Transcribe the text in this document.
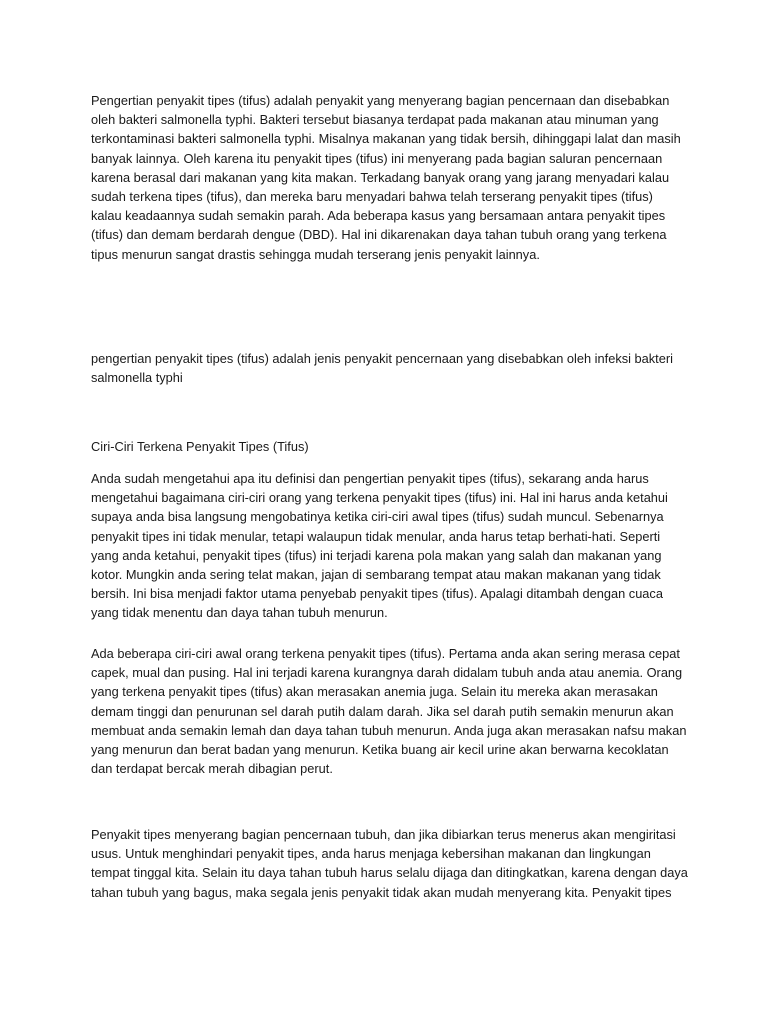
Pengertian penyakit tipes (tifus) adalah penyakit yang menyerang bagian pencernaan dan disebabkan
oleh bakteri salmonella typhi. Bakteri tersebut biasanya terdapat pada makanan atau minuman yang
terkontaminasi bakteri salmonella typhi. Misalnya makanan yang tidak bersih, dihinggapi lalat dan masih
banyak lainnya. Oleh karena itu penyakit tipes (tifus) ini menyerang pada bagian saluran pencernaan
karena berasal dari makanan yang kita makan. Terkadang banyak orang yang jarang menyadari kalau
sudah terkena tipes (tifus), dan mereka baru menyadari bahwa telah terserang penyakit tipes (tifus)
kalau keadaannya sudah semakin parah. Ada beberapa kasus yang bersamaan antara penyakit tipes
(tifus) dan demam berdarah dengue (DBD). Hal ini dikarenakan daya tahan tubuh orang yang terkena
tipus menurun sangat drastis sehingga mudah terserang jenis penyakit lainnya.
pengertian penyakit tipes (tifus) adalah jenis penyakit pencernaan yang disebabkan oleh infeksi bakteri
salmonella typhi
Ciri-Ciri Terkena Penyakit Tipes (Tifus)
Anda sudah mengetahui apa itu definisi dan pengertian penyakit tipes (tifus), sekarang anda harus
mengetahui bagaimana ciri-ciri orang yang terkena penyakit tipes (tifus) ini. Hal ini harus anda ketahui
supaya anda bisa langsung mengobatinya ketika ciri-ciri awal tipes (tifus) sudah muncul. Sebenarnya
penyakit tipes ini tidak menular, tetapi walaupun tidak menular, anda harus tetap berhati-hati. Seperti
yang anda ketahui, penyakit tipes (tifus) ini terjadi karena pola makan yang salah dan makanan yang
kotor. Mungkin anda sering telat makan, jajan di sembarang tempat atau makan makanan yang tidak
bersih. Ini bisa menjadi faktor utama penyebab penyakit tipes (tifus). Apalagi ditambah dengan cuaca
yang tidak menentu dan daya tahan tubuh menurun.
Ada beberapa ciri-ciri awal orang terkena penyakit tipes (tifus). Pertama anda akan sering merasa cepat
capek, mual dan pusing. Hal ini terjadi karena kurangnya darah didalam tubuh anda atau anemia. Orang
yang terkena penyakit tipes (tifus) akan merasakan anemia juga. Selain itu mereka akan merasakan
demam tinggi dan penurunan sel darah putih dalam darah. Jika sel darah putih semakin menurun akan
membuat anda semakin lemah dan daya tahan tubuh menurun. Anda juga akan merasakan nafsu makan
yang menurun dan berat badan yang menurun. Ketika buang air kecil urine akan berwarna kecoklatan
dan terdapat bercak merah dibagian perut.
Penyakit tipes menyerang bagian pencernaan tubuh, dan jika dibiarkan terus menerus akan mengiritasi
usus. Untuk menghindari penyakit tipes, anda harus menjaga kebersihan makanan dan lingkungan
tempat tinggal kita. Selain itu daya tahan tubuh harus selalu dijaga dan ditingkatkan, karena dengan daya
tahan tubuh yang bagus, maka segala jenis penyakit tidak akan mudah menyerang kita. Penyakit tipes
